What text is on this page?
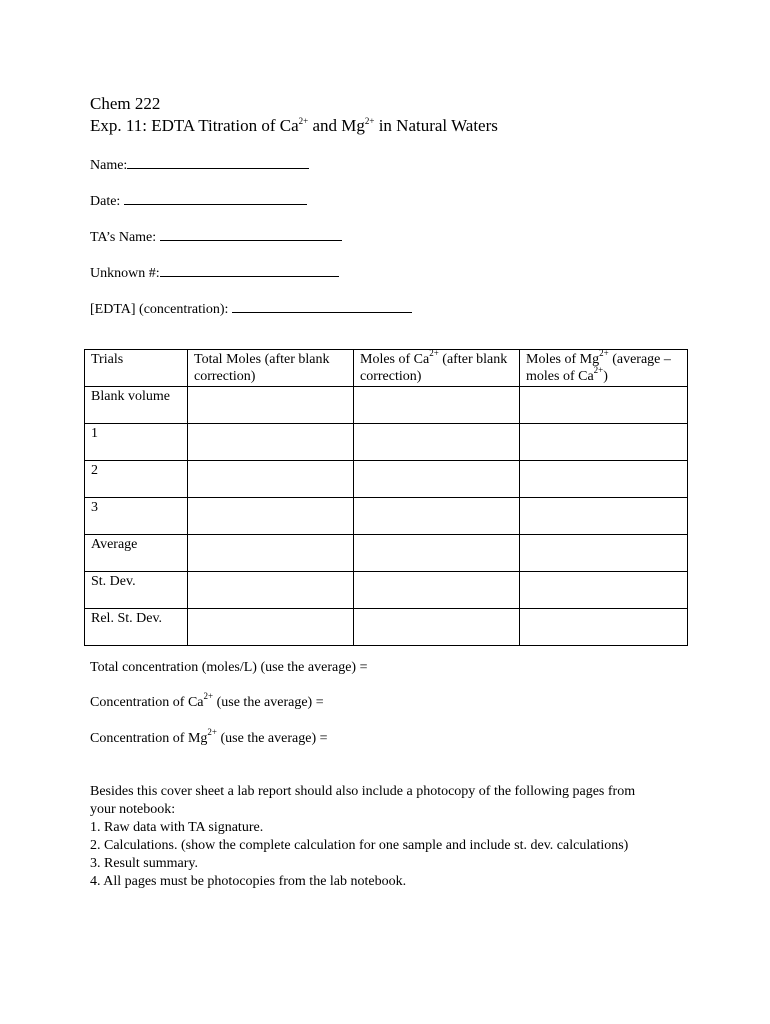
Chem 222
Exp. 11: EDTA Titration of $Ca^{2+}$ and $Mg^{2+}$ in Natural Waters
Name:
Date:
TA’s Name:
Unknown #:
[EDTA] (concentration):
Trials	Total Moles (after blank correction)	Moles of $Ca^{2+}$ (after blank correction)	Moles of $Mg^{2+}$ (average – moles of $Ca^{2+}$)
Blank volume			
1			
2			
3			
Average			
St. Dev.			
Rel. St. Dev.			
Total concentration (moles/L) (use the average) =
Concentration of $Ca^{2+}$ (use the average) =
Concentration of $Mg^{2+}$ (use the average) =
Besides this cover sheet a lab report should also include a photocopy of the following pages from
your notebook:
1. Raw data with TA signature.
2. Calculations. (show the complete calculation for one sample and include st. dev. calculations)
3. Result summary.
4. All pages must be photocopies from the lab notebook.
